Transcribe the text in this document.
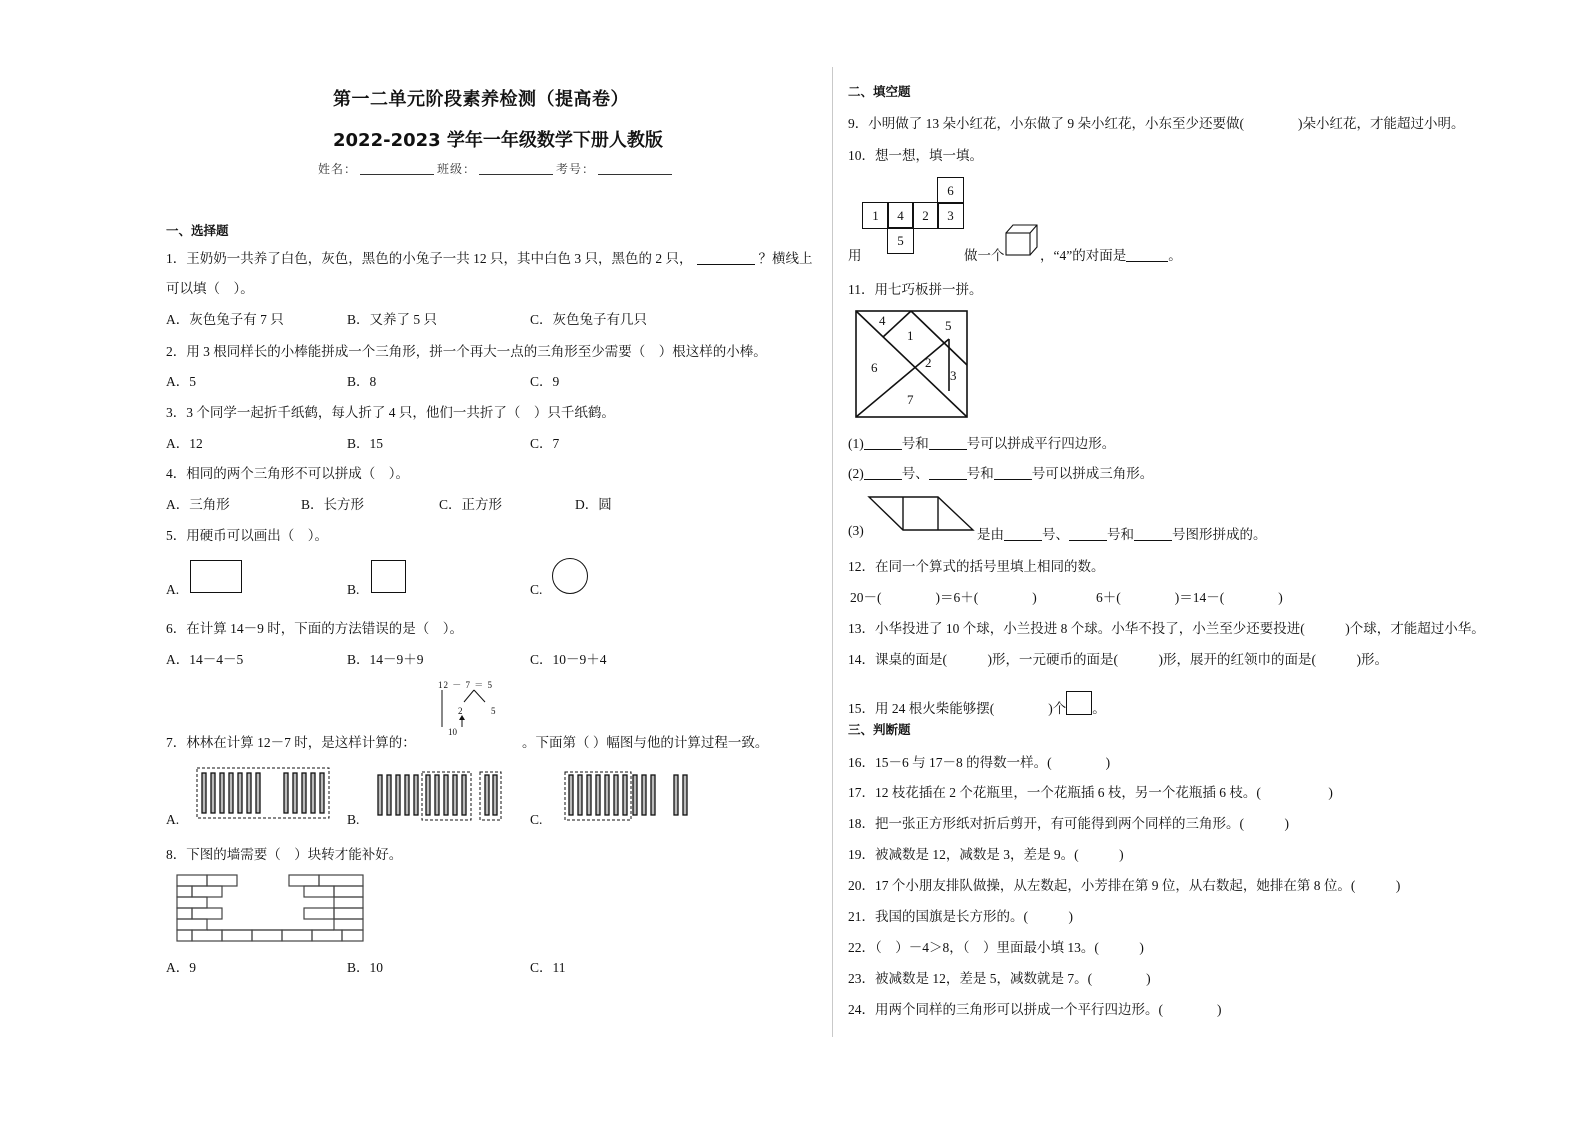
第一二单元阶段素养检测（提高卷）
2022-2023 学年一年级数学下册人教版
姓名：	班级：	考号：
一、选择题
1．王奶奶一共养了白色，灰色，黑色的小兔子一共 12 只，其中白色 3 只，黑色的 2 只，	？横线上
可以填（　）。
A．灰色兔子有 7 只	B．又养了 5 只	C．灰色兔子有几只
2．用 3 根同样长的小棒能拼成一个三角形，拼一个再大一点的三角形至少需要（　）根这样的小棒。
A．5	B．8	C．9
3．3 个同学一起折千纸鹤，每人折了 4 只，他们一共折了（　）只千纸鹤。
A．12	B．15	C．7
4．相同的两个三角形不可以拼成（　）。
A．三角形	B．长方形	C．正方形	D．圆
5．用硬币可以画出（　）。
A.	B.	C.
6．在计算 14－9 时，下面的方法错误的是（　）。
A．14－4－5	B．14－9＋9	C．10－9＋4
7．林林在计算 12－7 时，是这样计算的：	。下面第（ ）幅图与他的计算过程一致。
12 － 7 ＝ 5
2	5
10
A.	B.	C.
8．下图的墙需要（　）块转才能补好。
A．9	B．10	C．11
二、填空题
9．小明做了 13 朵小红花，小东做了 9 朵小红花，小东至少还要做(　　　　)朵小红花，才能超过小明。
10．想一想，填一填。
6
1	4	2	3
5
用	做一个	，“4”的对面是	。
11．用七巧板拼一拼。
4
1
5
6	2
3
7
(1)	号和	号可以拼成平行四边形。
(2)	号、	号和	号可以拼成三角形。
(3)	是由	号、	号和	号图形拼成的。
12．在同一个算式的括号里填上相同的数。
20－(　　　　)＝6＋(　　　　)	6＋(　　　　)＝14－(　　　　)
13．小华投进了 10 个球，小兰投进 8 个球。小华不投了，小兰至少还要投进(　　　)个球，才能超过小华。
14．课桌的面是(　　　)形，一元硬币的面是(　　　)形，展开的红领巾的面是(　　　)形。
15．用 24 根火柴能够摆(　　　　)个 。
三、判断题
16．15－6 与 17－8 的得数一样。(　　　　)
17．12 枝花插在 2 个花瓶里，一个花瓶插 6 枝，另一个花瓶插 6 枝。(　　　　　)
18．把一张正方形纸对折后剪开，有可能得到两个同样的三角形。(　　　)
19．被减数是 12，减数是 3，差是 9。(　　　)
20．17 个小朋友排队做操，从左数起，小芳排在第 9 位，从右数起，她排在第 8 位。(　　　)
21．我国的国旗是长方形的。(　　　)
22．（　）－4＞8，（　）里面最小填 13。(　　　)
23．被减数是 12，差是 5，减数就是 7。(　　　　)
24．用两个同样的三角形可以拼成一个平行四边形。(　　　　)
